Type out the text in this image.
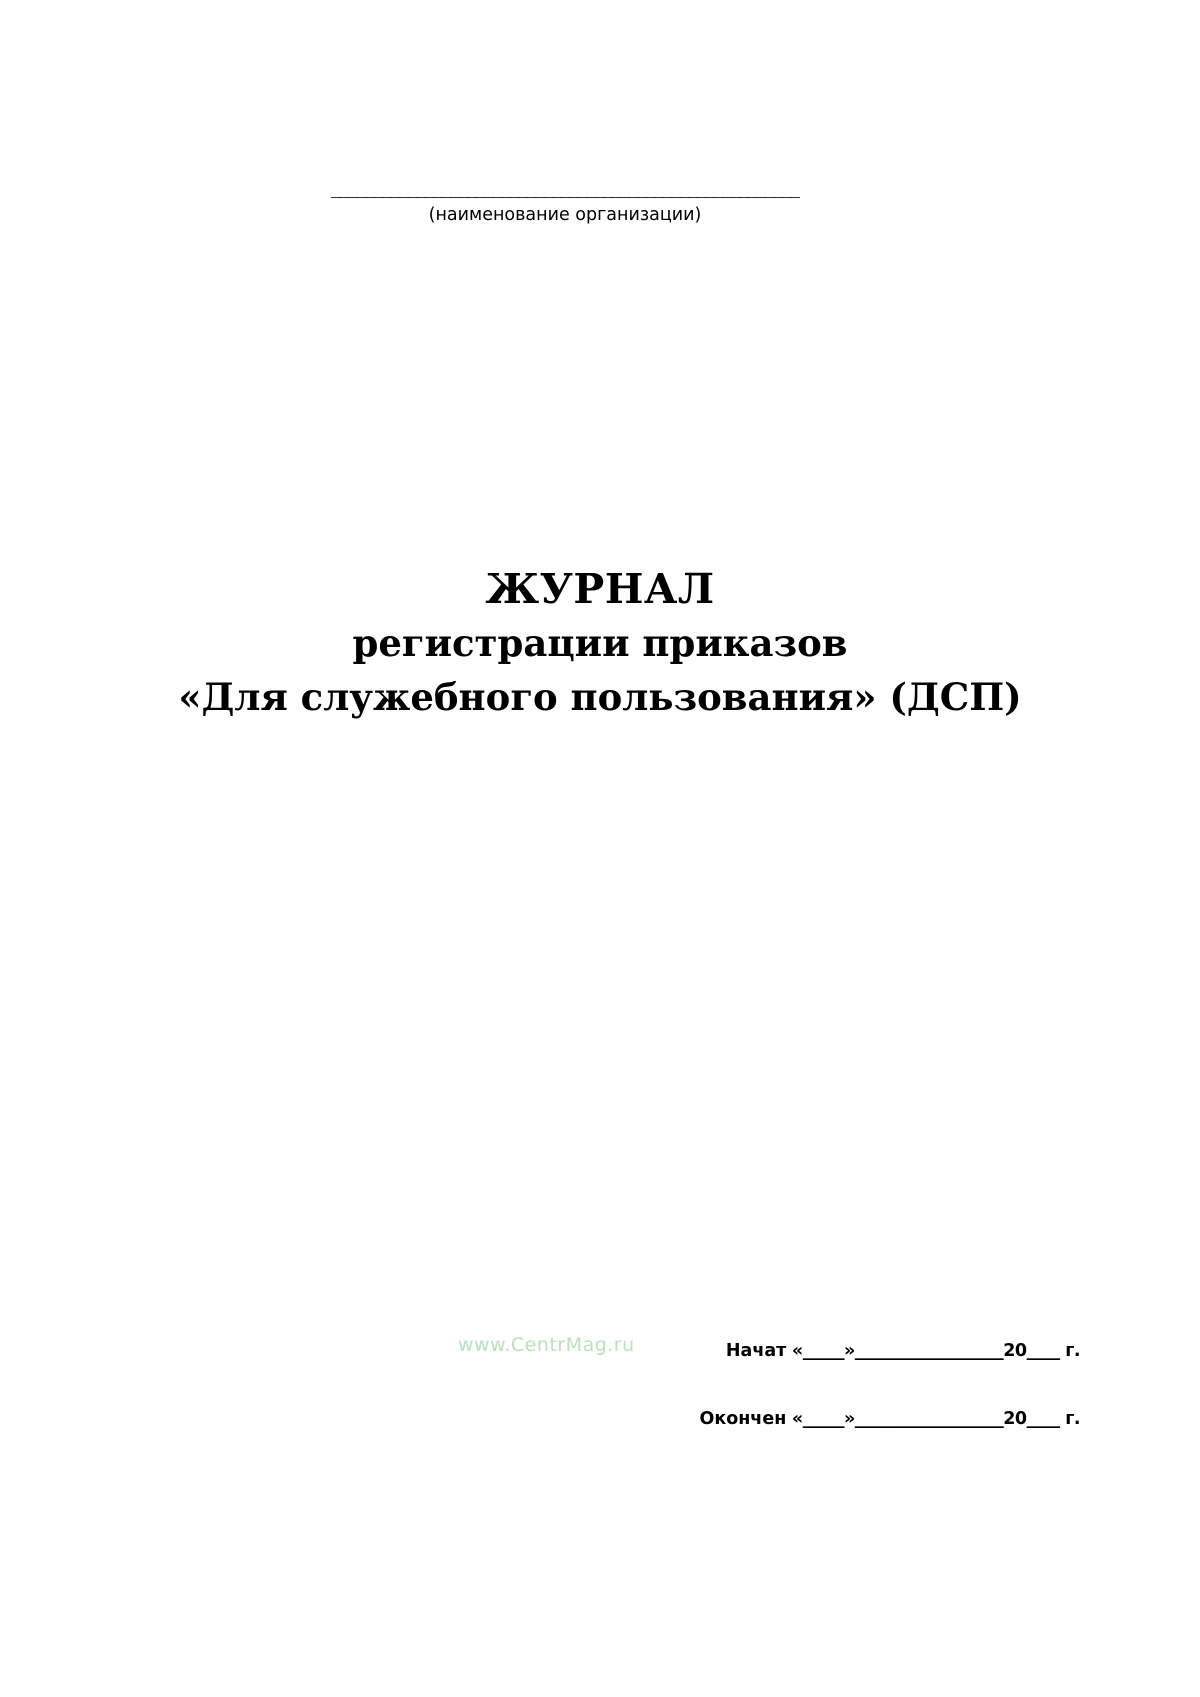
_______________________________________________________
(наименование организации)
ЖУРНАЛ
регистрации приказов
«Для служебного пользования» (ДСП)
www.CentrMag.ru	Начат
« _____ » __________________ 20 ____
г.
Окончен
« _____ » __________________ 20 ____
г.
